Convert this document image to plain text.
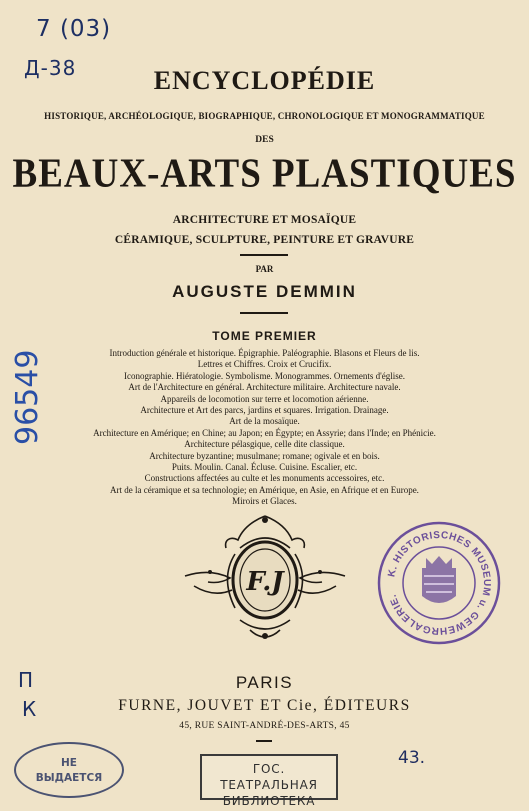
7 (03)
Д-38
96549
П
К
43.
ENCYCLOPÉDIE
HISTORIQUE, ARCHÉOLOGIQUE, BIOGRAPHIQUE, CHRONOLOGIQUE ET MONOGRAMMATIQUE
DES
BEAUX-ARTS PLASTIQUES
ARCHITECTURE ET MOSAÏQUE
CÉRAMIQUE, SCULPTURE, PEINTURE ET GRAVURE
PAR
AUGUSTE DEMMIN
TOME PREMIER
Introduction générale et historique. Épigraphie. Paléographie. Blasons et Fleurs de lis.
Lettres et Chiffres. Croix et Crucifix.
Iconographie. Hiératologie. Symbolisme. Monogrammes. Ornements d'église.
Art de l'Architecture en général. Architecture militaire. Architecture navale.
Appareils de locomotion sur terre et locomotion aérienne.
Architecture et Art des parcs, jardins et squares. Irrigation. Drainage.
Art de la mosaïque.
Architecture en Amérique; en Chine; au Japon; en Égypte; en Assyrie; dans l'Inde; en Phénicie.
Architecture pélasgique, celle dite classique.
Architecture byzantine; musulmane; romane; ogivale et en bois.
Puits. Moulin. Canal. Écluse. Cuisine. Escalier, etc.
Constructions affectées au culte et les monuments accessoires, etc.
Art de la céramique et sa technologie; en Amérique, en Asie, en Afrique et en Europe.
Miroirs et Glaces.
F.J	K. HISTORISCHES MUSEUM u. GEWEHRGALERIE.
PARIS
FURNE, JOUVET ET Cie, ÉDITEURS
45, RUE SAINT-ANDRÉ-DES-ARTS, 45
НЕ
ВЫДАЕТСЯ
ГОС. ТЕАТРАЛЬНАЯ
БИБЛИОТЕКА
